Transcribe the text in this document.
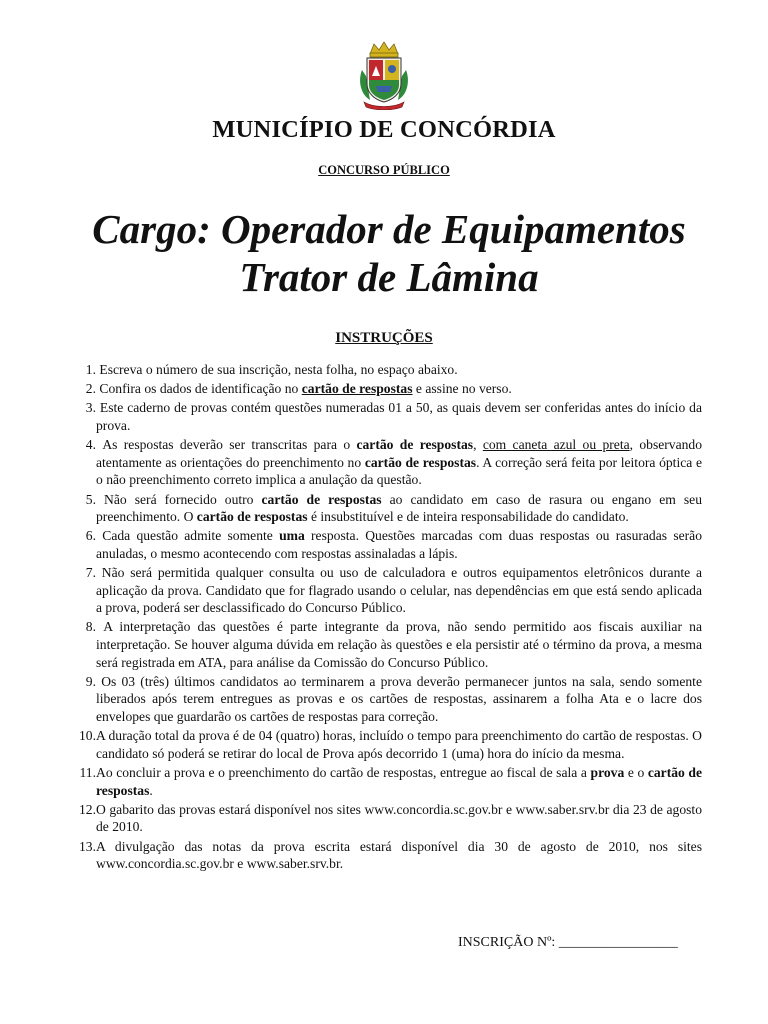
MUNICÍPIO DE CONCÓRDIA
CONCURSO PÚBLICO
Cargo: Operador de Equipamentos
Trator de Lâmina
INSTRUÇÕES
1. Escreva o número de sua inscrição, nesta folha, no espaço abaixo.
2. Confira os dados de identificação no cartão de respostas e assine no verso.
3. Este caderno de provas contém questões numeradas 01 a 50, as quais devem ser conferidas antes do início da prova.
4. As respostas deverão ser transcritas para o cartão de respostas, com caneta azul ou preta, observando atentamente as orientações do preenchimento no cartão de respostas. A correção será feita por leitora óptica e o não preenchimento correto implica a anulação da questão.
5. Não será fornecido outro cartão de respostas ao candidato em caso de rasura ou engano em seu preenchimento. O cartão de respostas é insubstituível e de inteira responsabilidade do candidato.
6. Cada questão admite somente uma resposta. Questões marcadas com duas respostas ou rasuradas serão anuladas, o mesmo acontecendo com respostas assinaladas a lápis.
7. Não será permitida qualquer consulta ou uso de calculadora e outros equipamentos eletrônicos durante a aplicação da prova. Candidato que for flagrado usando o celular, nas dependências em que está sendo aplicada a prova, poderá ser desclassificado do Concurso Público.
8. A interpretação das questões é parte integrante da prova, não sendo permitido aos fiscais auxiliar na interpretação. Se houver alguma dúvida em relação às questões e ela persistir até o término da prova, a mesma será registrada em ATA, para análise da Comissão do Concurso Público.
9. Os 03 (três) últimos candidatos ao terminarem a prova deverão permanecer juntos na sala, sendo somente liberados após terem entregues as provas e os cartões de respostas, assinarem a folha Ata e o lacre dos envelopes que guardarão os cartões de respostas para correção.
10. A duração total da prova é de 04 (quatro) horas, incluído o tempo para preenchimento do cartão de respostas. O candidato só poderá se retirar do local de Prova após decorrido 1 (uma) hora do início da mesma.
11. Ao concluir a prova e o preenchimento do cartão de respostas, entregue ao fiscal de sala a prova e o cartão de respostas.
12. O gabarito das provas estará disponível nos sites www.concordia.sc.gov.br e www.saber.srv.br dia 23 de agosto de 2010.
13. A divulgação das notas da prova escrita estará disponível dia 30 de agosto de 2010, nos sites www.concordia.sc.gov.br e www.saber.srv.br.
INSCRIÇÃO Nº: _________________
